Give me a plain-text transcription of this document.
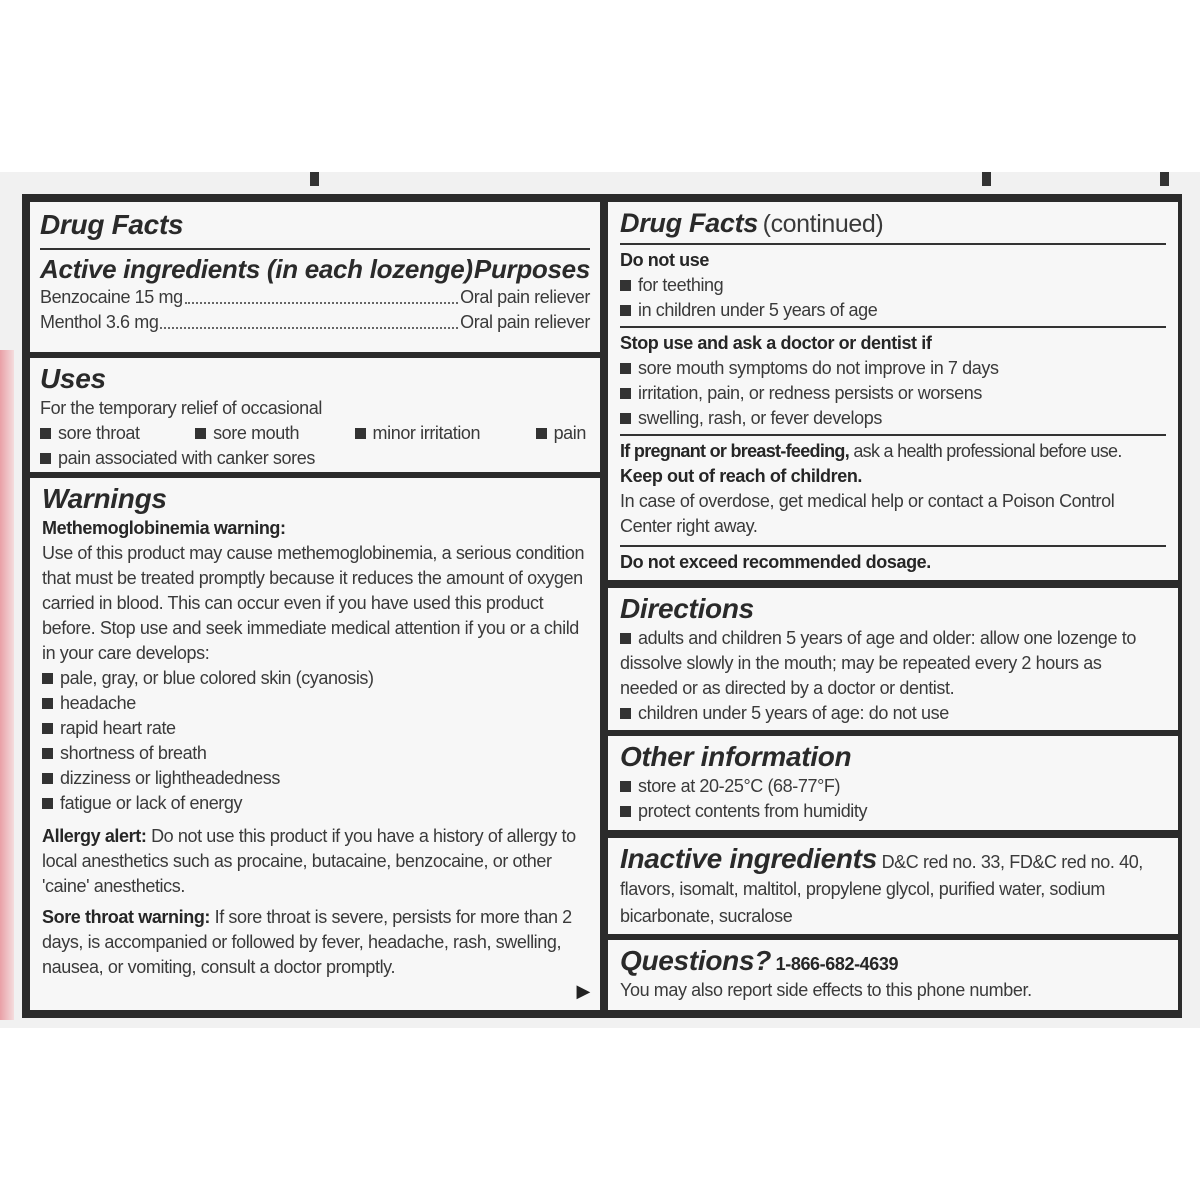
Drug Facts
Active ingredients (in each lozenge) Purposes
Benzocaine 15 mg	Oral pain reliever
Menthol 3.6 mg	Oral pain reliever
Uses
For the temporary relief of occasional
sore throat	sore mouth	minor irritation	pain
pain associated with canker sores
Warnings
Methemoglobinemia warning:
Use of this product may cause methemoglobinemia, a serious condition that must be treated promptly because it reduces the amount of oxygen carried in blood. This can occur even if you have used this product before. Stop use and seek immediate medical attention if you or a child in your care develops:
pale, gray, or blue colored skin (cyanosis)
headache
rapid heart rate
shortness of breath
dizziness or lightheadedness
fatigue or lack of energy
Allergy alert: Do not use this product if you have a history of allergy to local anesthetics such as procaine, butacaine, benzocaine, or other 'caine' anesthetics.
Sore throat warning: If sore throat is severe, persists for more than 2 days, is accompanied or followed by fever, headache, rash, swelling, nausea, or vomiting, consult a doctor promptly.
▶
Drug Facts (continued)
Do not use
for teething
in children under 5 years of age
Stop use and ask a doctor or dentist if
sore mouth symptoms do not improve in 7 days
irritation, pain, or redness persists or worsens
swelling, rash, or fever develops
If pregnant or breast-feeding, ask a health professional before use.
Keep out of reach of children.
In case of overdose, get medical help or contact a Poison Control Center right away.
Do not exceed recommended dosage.
Directions
adults and children 5 years of age and older: allow one lozenge to dissolve slowly in the mouth; may be repeated every 2 hours as needed or as directed by a doctor or dentist.
children under 5 years of age: do not use
Other information
store at 20-25°C (68-77°F)
protect contents from humidity
Inactive ingredients D&C red no. 33, FD&C red no. 40, flavors, isomalt, maltitol, propylene glycol, purified water, sodium bicarbonate, sucralose
Questions? 1-866-682-4639
You may also report side effects to this phone number.
